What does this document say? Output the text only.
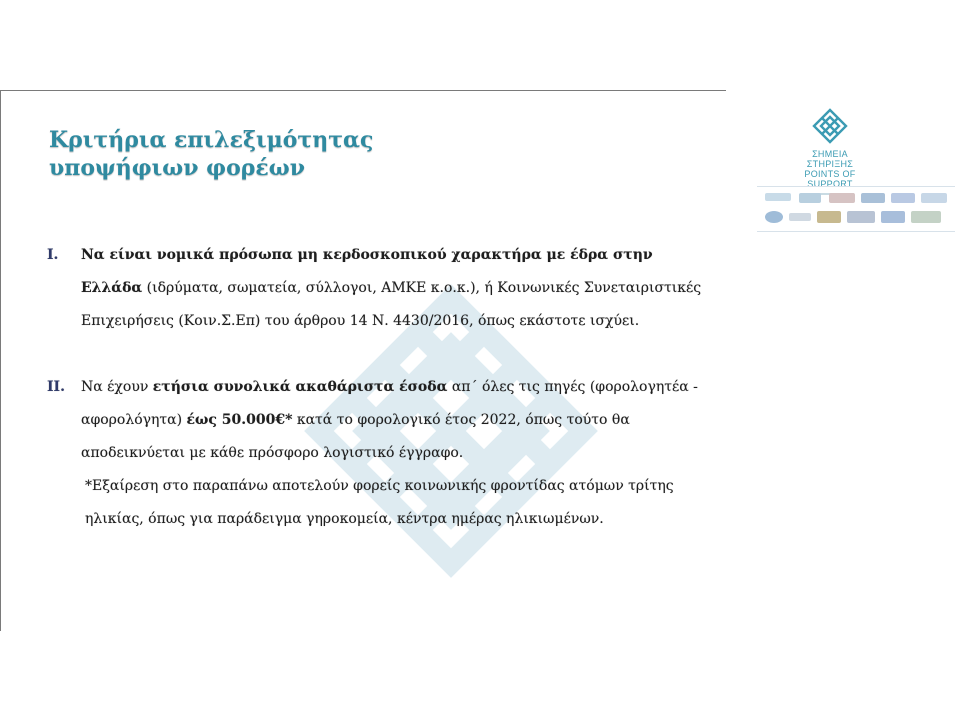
Κριτήρια επιλεξιμότητας
υποψήφιων φορέων
I. Να είναι νομικά πρόσωπα μη κερδοσκοπικού χαρακτήρα με έδρα στην Ελλάδα (ιδρύματα, σωματεία, σύλλογοι, ΑΜΚΕ κ.ο.κ.), ή Κοινωνικές Συνεταιριστικές Επιχειρήσεις (Κοιν.Σ.Επ) του άρθρου 14 Ν. 4430/2016, όπως εκάστοτε ισχύει.
II. Να έχουν ετήσια συνολικά ακαθάριστα έσοδα απ΄ όλες τις πηγές (φορολογητέα - αφορολόγητα) έως 50.000€* κατά το φορολογικό έτος 2022, όπως τούτο θα αποδεικνύεται με κάθε πρόσφορο λογιστικό έγγραφο.
*Εξαίρεση στο παραπάνω αποτελούν φορείς κοινωνικής φροντίδας ατόμων τρίτης ηλικίας, όπως για παράδειγμα γηροκομεία, κέντρα ημέρας ηλικιωμένων.
ΣΗΜΕΙΑ ΣΤΗΡΙΞΗΣ
POINTS OF SUPPORT
